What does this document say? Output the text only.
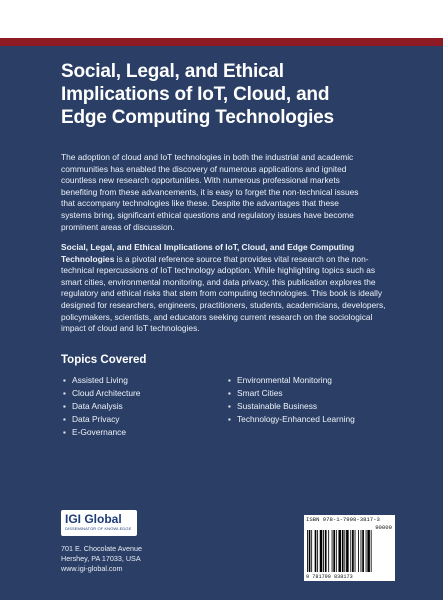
Social, Legal, and Ethical
Implications of IoT, Cloud, and
Edge Computing Technologies
The adoption of cloud and IoT technologies in both the industrial and academic
communities has enabled the discovery of numerous applications and ignited
countless new research opportunities. With numerous professional markets
benefiting from these advancements, it is easy to forget the non-technical issues
that accompany technologies like these. Despite the advantages that these
systems bring, significant ethical questions and regulatory issues have become
prominent areas of discussion.
Social, Legal, and Ethical Implications of IoT, Cloud, and Edge Computing Technologies is a pivotal reference source that provides vital research on the non-technical repercussions of IoT technology adoption. While highlighting topics such as smart cities, environmental monitoring, and data privacy, this publication explores the regulatory and ethical risks that stem from computing technologies. This book is ideally designed for researchers, engineers, practitioners, students, academicians, developers, policymakers, scientists, and educators seeking current research on the sociological impact of cloud and IoT technologies.
Topics Covered
▪ Assisted Living
▪ Cloud Architecture
▪ Data Analysis
▪ Data Privacy
▪ E-Governance
▪ Environmental Monitoring
▪ Smart Cities
▪ Sustainable Business
▪ Technology-Enhanced Learning
IGI Global
DISSEMINATOR OF KNOWLEDGE
701 E. Chocolate Avenue
Hershey, PA 17033, USA
www.igi-global.com
ISBN 978-1-7998-3817-3
90000
9 781799 838173
